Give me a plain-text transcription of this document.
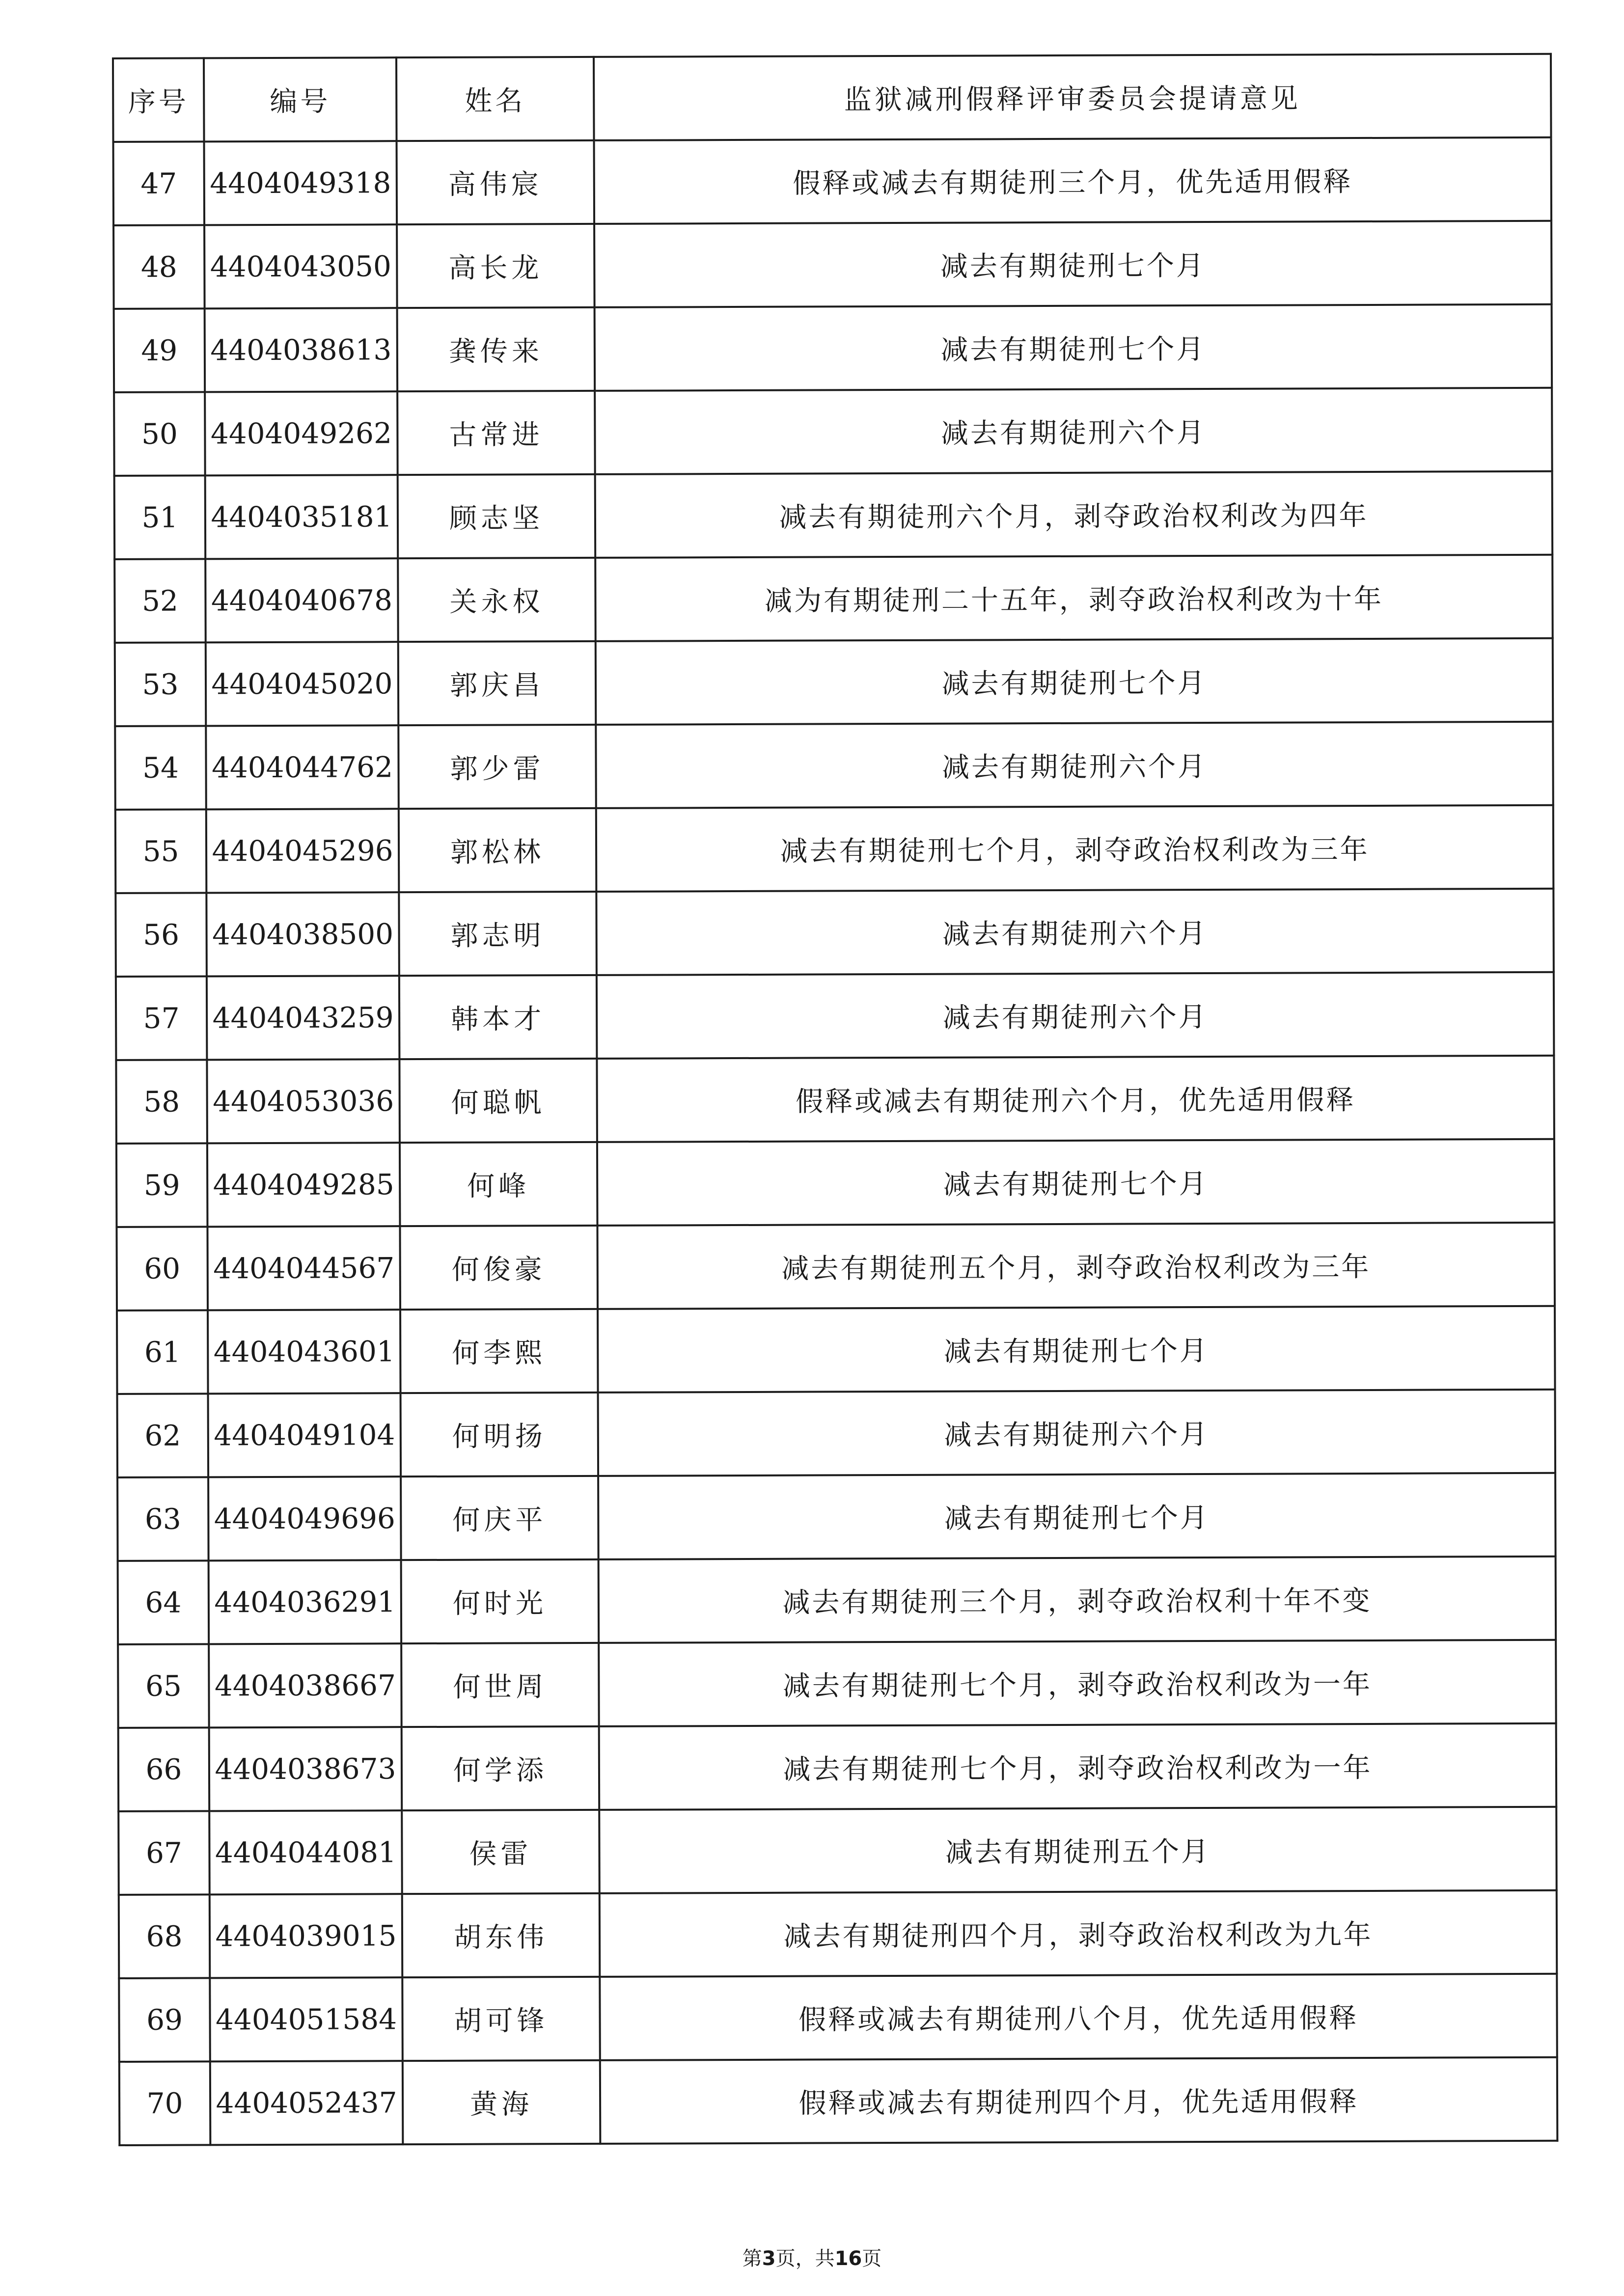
序号	编号	姓名	监狱减刑假释评审委员会提请意见
47	4404049318	高伟宸	假释或减去有期徒刑三个月，优先适用假释
48	4404043050	高长龙	减去有期徒刑七个月
49	4404038613	龚传来	减去有期徒刑七个月
50	4404049262	古常进	减去有期徒刑六个月
51	4404035181	顾志坚	减去有期徒刑六个月，剥夺政治权利改为四年
52	4404040678	关永权	减为有期徒刑二十五年，剥夺政治权利改为十年
53	4404045020	郭庆昌	减去有期徒刑七个月
54	4404044762	郭少雷	减去有期徒刑六个月
55	4404045296	郭松林	减去有期徒刑七个月，剥夺政治权利改为三年
56	4404038500	郭志明	减去有期徒刑六个月
57	4404043259	韩本才	减去有期徒刑六个月
58	4404053036	何聪帆	假释或减去有期徒刑六个月，优先适用假释
59	4404049285	何峰	减去有期徒刑七个月
60	4404044567	何俊豪	减去有期徒刑五个月，剥夺政治权利改为三年
61	4404043601	何李熙	减去有期徒刑七个月
62	4404049104	何明扬	减去有期徒刑六个月
63	4404049696	何庆平	减去有期徒刑七个月
64	4404036291	何时光	减去有期徒刑三个月，剥夺政治权利十年不变
65	4404038667	何世周	减去有期徒刑七个月，剥夺政治权利改为一年
66	4404038673	何学添	减去有期徒刑七个月，剥夺政治权利改为一年
67	4404044081	侯雷	减去有期徒刑五个月
68	4404039015	胡东伟	减去有期徒刑四个月，剥夺政治权利改为九年
69	4404051584	胡可锋	假释或减去有期徒刑八个月，优先适用假释
70	4404052437	黄海	假释或减去有期徒刑四个月，优先适用假释
第3页，共16页
